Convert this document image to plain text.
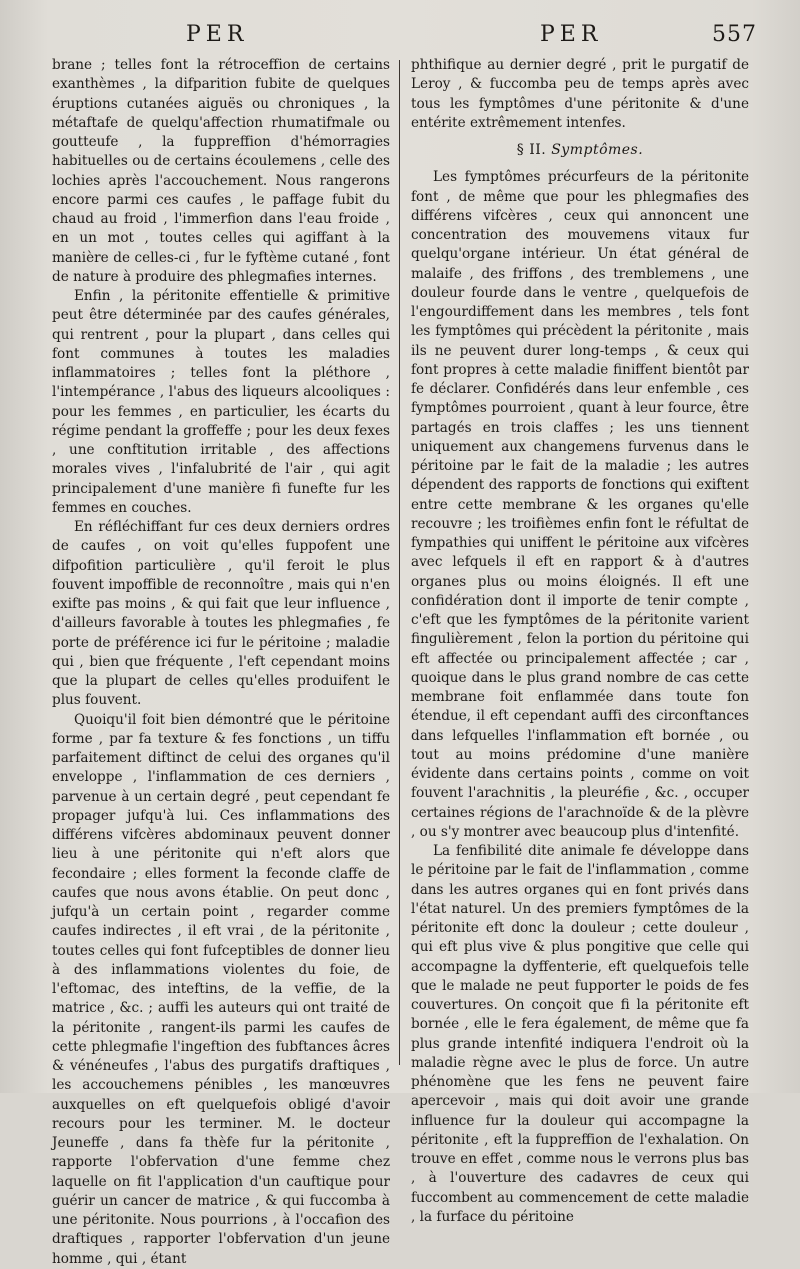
PER	PER	557

brane ; telles font la rétroceffion de certains exanthèmes , la difparition fubite de quelques éruptions cutanées aiguës ou chroniques , la métaftafe de quelqu'affection rhumatifmale ou goutteufe , la fuppreffion d'hémorragies habituelles ou de certains écoulemens , celle des lochies après l'accouchement. Nous rangerons encore parmi ces caufes , le paffage fubit du chaud au froid , l'immerfion dans l'eau froide , en un mot , toutes celles qui agiffant à la manière de celles-ci , fur le fyftème cutané , font de nature à produire des phlegmafies internes.

Enfin , la péritonite effentielle & primitive peut être déterminée par des caufes générales, qui rentrent , pour la plupart , dans celles qui font communes à toutes les maladies inflammatoires ; telles font la pléthore , l'intempérance , l'abus des liqueurs alcooliques : pour les femmes , en particulier, les écarts du régime pendant la groffeffe ; pour les deux fexes , une conftitution irritable , des affections morales vives , l'infalubrité de l'air , qui agit principalement d'une manière fi funefte fur les femmes en couches.

En réfléchiffant fur ces deux derniers ordres de caufes , on voit qu'elles fuppofent une difpofition particulière , qu'il feroit le plus fouvent impoffible de reconnoître , mais qui n'en exifte pas moins , & qui fait que leur influence , d'ailleurs favorable à toutes les phlegmafies , fe porte de préférence ici fur le péritoine ; maladie qui , bien que fréquente , l'eft cependant moins que la plupart de celles qu'elles produifent le plus fouvent.

Quoiqu'il foit bien démontré que le péritoine forme , par fa texture & fes fonctions , un tiffu parfaitement diftinct de celui des organes qu'il enveloppe , l'inflammation de ces derniers , parvenue à un certain degré , peut cependant fe propager jufqu'à lui. Ces inflammations des différens vifcères abdominaux peuvent donner lieu à une péritonite qui n'eft alors que fecondaire ; elles forment la feconde claffe de caufes que nous avons établie. On peut donc , jufqu'à un certain point , regarder comme caufes indirectes , il eft vrai , de la péritonite , toutes celles qui font fufceptibles de donner lieu à des inflammations violentes du foie, de l'eftomac, des inteftins, de la veffie, de la matrice , &c. ; auffi les auteurs qui ont traité de la péritonite , rangent-ils parmi les caufes de cette phlegmafie l'ingeftion des fubftances âcres & vénéneufes , l'abus des purgatifs draftiques , les accouchemens pénibles , les manœuvres auxquelles on eft quelquefois obligé d'avoir recours pour les terminer. M. le docteur Jeuneffe , dans fa thèfe fur la péritonite , rapporte l'obfervation d'une femme chez laquelle on fit l'application d'un cauftique pour guérir un cancer de matrice , & qui fuccomba à une péritonite. Nous pourrions , à l'occafion des draftiques , rapporter l'obfervation d'un jeune homme , qui , étant

phthifique au dernier degré , prit le purgatif de Leroy , & fuccomba peu de temps après avec tous les fymptômes d'une péritonite & d'une entérite extrêmement intenfes.

§ II. Symptômes.

Les fymptômes précurfeurs de la péritonite font , de même que pour les phlegmafies des différens vifcères , ceux qui annoncent une concentration des mouvemens vitaux fur quelqu'organe intérieur. Un état général de malaife , des friffons , des tremblemens , une douleur fourde dans le ventre , quelquefois de l'engourdiffement dans les membres , tels font les fymptômes qui précèdent la péritonite , mais ils ne peuvent durer long-temps , & ceux qui font propres à cette maladie finiffent bientôt par fe déclarer. Confidérés dans leur enfemble , ces fymptômes pourroient , quant à leur fource, être partagés en trois claffes ; les uns tiennent uniquement aux changemens furvenus dans le péritoine par le fait de la maladie ; les autres dépendent des rapports de fonctions qui exiftent entre cette membrane & les organes qu'elle recouvre ; les troifièmes enfin font le réfultat de fympathies qui uniffent le péritoine aux vifcères avec lefquels il eft en rapport & à d'autres organes plus ou moins éloignés. Il eft une confidération dont il importe de tenir compte , c'eft que les fymptômes de la péritonite varient fingulièrement , felon la portion du péritoine qui eft affectée ou principalement affectée ; car , quoique dans le plus grand nombre de cas cette membrane foit enflammée dans toute fon étendue, il eft cependant auffi des circonftances dans lefquelles l'inflammation eft bornée , ou tout au moins prédomine d'une manière évidente dans certains points , comme on voit fouvent l'arachnitis , la pleuréfie , &c. , occuper certaines régions de l'arachnoïde & de la plèvre , ou s'y montrer avec beaucoup plus d'intenfité.

La fenfibilité dite animale fe développe dans le péritoine par le fait de l'inflammation , comme dans les autres organes qui en font privés dans l'état naturel. Un des premiers fymptômes de la péritonite eft donc la douleur ; cette douleur , qui eft plus vive & plus pongitive que celle qui accompagne la dyffenterie, eft quelquefois telle que le malade ne peut fupporter le poids de fes couvertures. On conçoit que fi la péritonite eft bornée , elle le fera également, de même que fa plus grande intenfité indiquera l'endroit où la maladie règne avec le plus de force. Un autre phénomène que les fens ne peuvent faire apercevoir , mais qui doit avoir une grande influence fur la douleur qui accompagne la péritonite , eft la fuppreffion de l'exhalation. On trouve en effet , comme nous le verrons plus bas , à l'ouverture des cadavres de ceux qui fuccombent au commencement de cette maladie , la furface du péritoine
